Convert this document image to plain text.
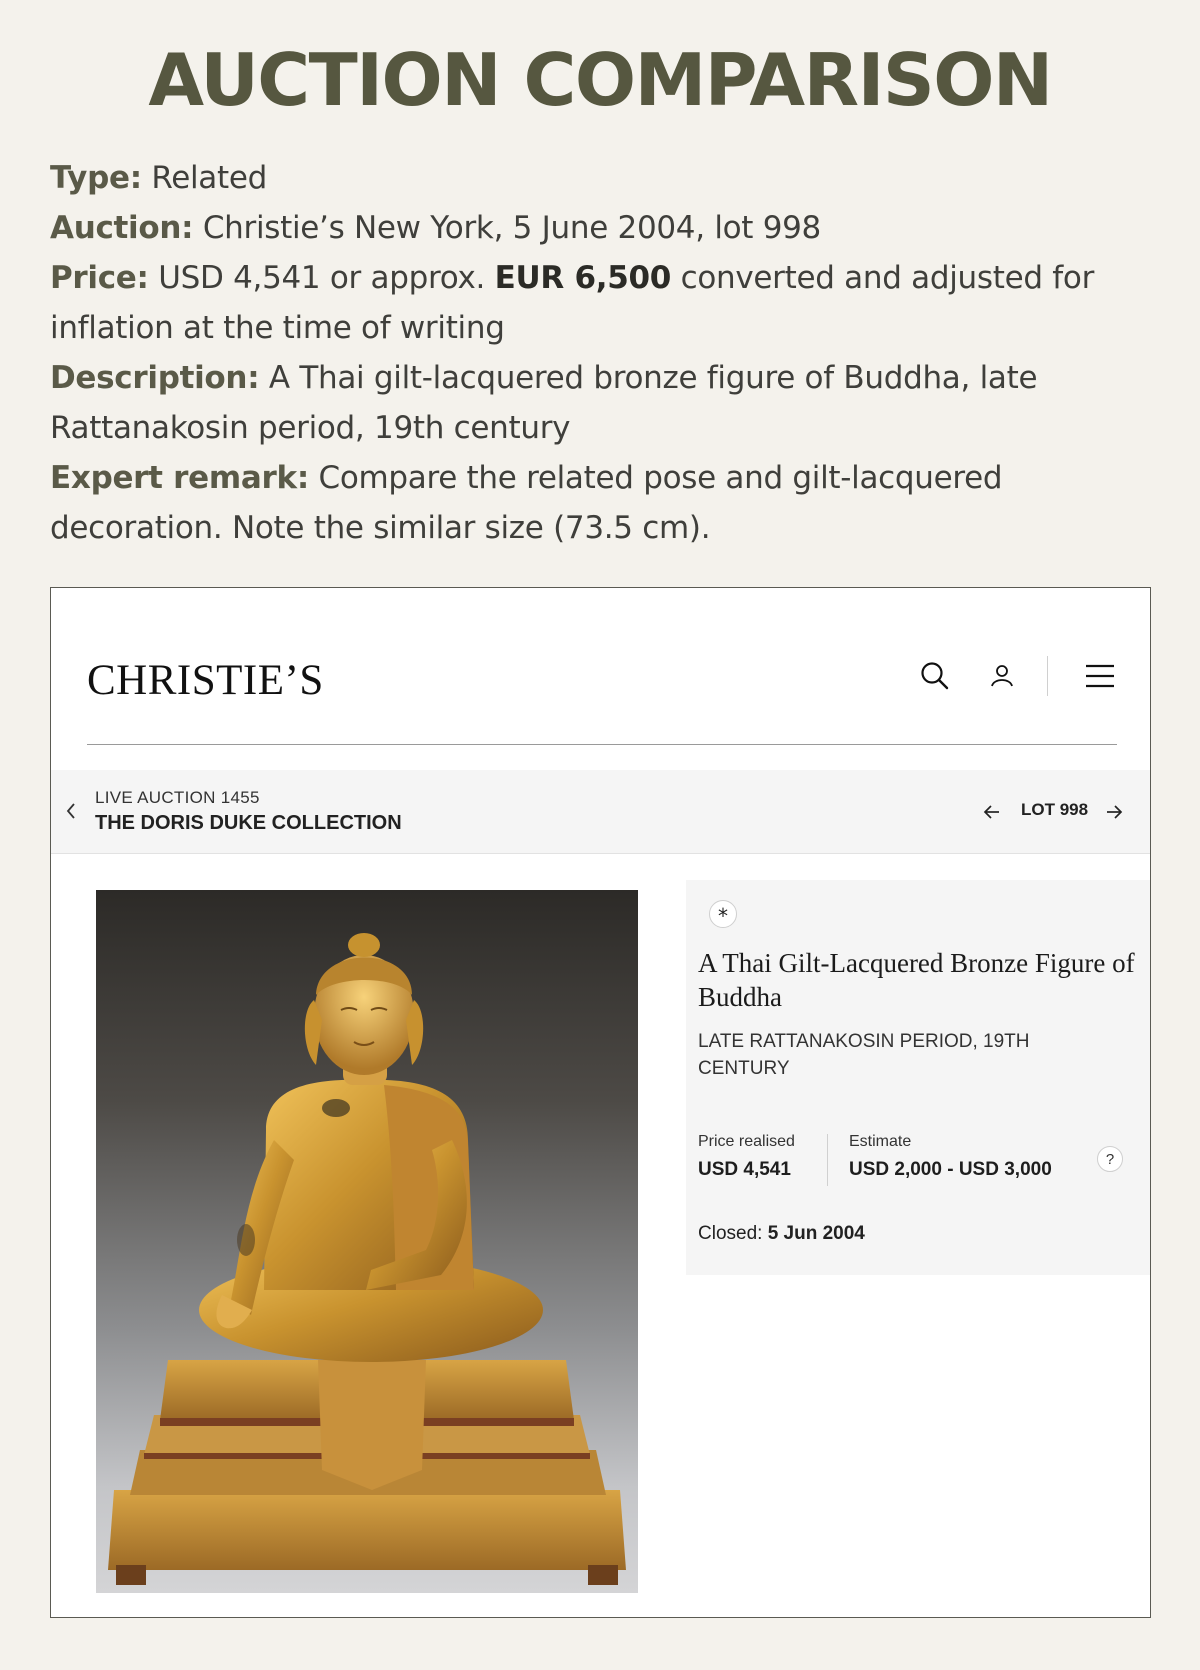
AUCTION COMPARISON
Type: Related
Auction: Christie’s New York, 5 June 2004, lot 998
Price: USD 4,541 or approx. EUR 6,500 converted and adjusted for
inflation at the time of writing
Description: A Thai gilt-lacquered bronze figure of Buddha, late
Rattanakosin period, 19th century
Expert remark: Compare the related pose and gilt-lacquered
decoration. Note the similar size (73.5 cm).
CHRISTIE’S
LIVE AUCTION 1455
THE DORIS DUKE COLLECTION
LOT 998
*
A Thai Gilt-Lacquered Bronze Figure of Buddha
LATE RATTANAKOSIN PERIOD, 19TH CENTURY
Price realised
USD 4,541
Estimate
USD 2,000 - USD 3,000	?
Closed: 5 Jun 2004
